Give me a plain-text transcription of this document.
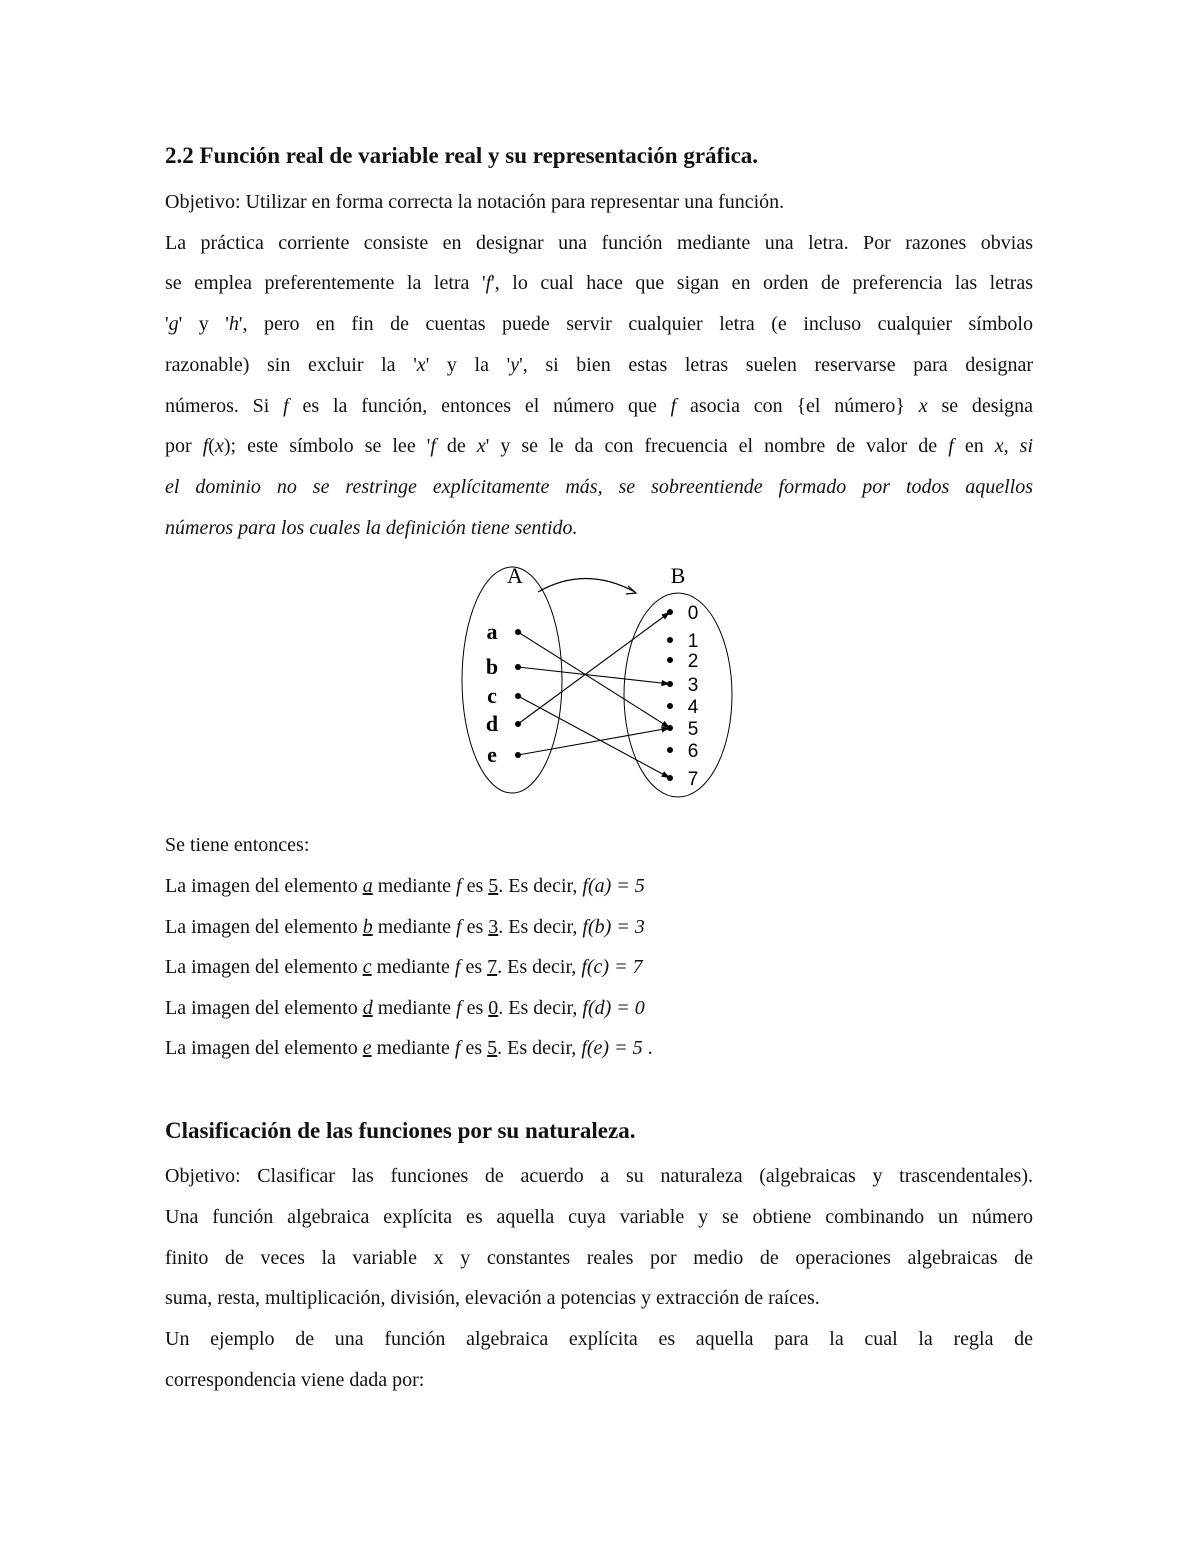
2.2 Función real de variable real y su representación gráfica.
Objetivo: Utilizar en forma correcta la notación para representar una función.
La práctica corriente consiste en designar una función mediante una letra. Por razones obvias
se emplea preferentemente la letra 'f', lo cual hace que sigan en orden de preferencia las letras
'g' y 'h', pero en fin de cuentas puede servir cualquier letra (e incluso cualquier símbolo
razonable) sin excluir la 'x' y la 'y', si bien estas letras suelen reservarse para designar
números. Si f es la función, entonces el número que f asocia con {el número} x se designa
por f(x); este símbolo se lee 'f de x' y se le da con frecuencia el nombre de valor de f en x, si
el dominio no se restringe explícitamente más, se sobreentiende formado por todos aquellos
números para los cuales la definición tiene sentido.
A	B
a
b
c
d
e
0
1
2
3
4
5
6
7
Se tiene entonces:
La imagen del elemento a mediante f es 5. Es decir, f(a) = 5
La imagen del elemento b mediante f es 3. Es decir, f(b) = 3
La imagen del elemento c mediante f es 7. Es decir, f(c) = 7
La imagen del elemento d mediante f es 0. Es decir, f(d) = 0
La imagen del elemento e mediante f es 5. Es decir, f(e) = 5 .
Clasificación de las funciones por su naturaleza.
Objetivo: Clasificar las funciones de acuerdo a su naturaleza (algebraicas y trascendentales).
Una función algebraica explícita es aquella cuya variable y se obtiene combinando un número
finito de veces la variable x y constantes reales por medio de operaciones algebraicas de
suma, resta, multiplicación, división, elevación a potencias y extracción de raíces.
Un ejemplo de una función algebraica explícita es aquella para la cual la regla de
correspondencia viene dada por:
